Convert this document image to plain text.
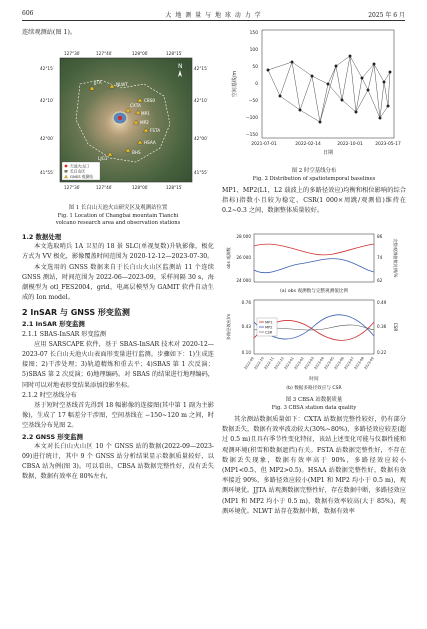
606	大 地 测 量 与 地 球 动 力 学	2025 年 6 月

连续观测站(图 1)。

JJTA	NLWT
CBS0
CXTA
MP1
MP2
FSTA
HSAA
BHS
LJG1
N
127°30′	127°40′	128°00′	128°15′
127°30′	127°40′	128°00′	128°15′
42°15′
42°10′
42°00′
41°55′
42°15′
42°10′
42°00′
41°55′
天池火山口
长白山区
GNSS 观测站

图 1 长白山天池火山研究区及观测站位置

Fig. 1 Location of Changbai mountain Tianchi

volcano research area and observation stations

1.2 数据处理

本文选取哨兵 1A 卫星的 18 景 SLC(单视复数)升轨影像，极化方式为 VV 极化，影像覆盖时间范围为 2020-12-12—2023-07-30。

本文选用的 GNSS 数据来自于长白山火山区监测站 11 个连续 GNSS 测站，时间范围为 2022-06—2023-09，采样间隔 30 s，海潮模型为 otl_FES2004，grid，电离层模型为 GAMIT 软件自动生成的 Ion model。

2 InSAR 与 GNSS 形变监测

2.1 InSAR 形变监测

2.1.1 SBAS-InSAR 形变监测

应用 SARSCAPE 软件，基于 SBAS-InSAR 技术对 2020-12—2023-07 长白山天池火山表面形变量进行监测。步骤如下：1)生成连接图；2)干涉处理；3)轨道精炼和重去平；4)SBAS 第 1 次反演；5)SBAS 第 2 次反演；6)地理编码。对 SBAS 的结果进行地理编码，同时可以对地表形变结果添加投影坐标。

2.1.2 时空基线分布

基于短时空基线首先得到 18 幅影像的连接图(其中第 1 副为主影像)，生成了 17 幅差分干涉图，空间基线在 −150~120 m 之间，时空基线分布见图 2。

2.2 GNSS 形变监测

本文对长白山火山区 10 个 GNSS 站的数据(2022-09—2023-09)进行统计，其中 9 个 GNSS 站分析结果显示数据质量较好，以 CBSA 站为例(图 3)。可以看出，CBSA 站数据完整性好，没有丢失数据，数据有效率在 80%左右，

150
100
50
0
−50
−100
−150
2021-07-01	2022-02-14	2022-10-01	2023-05-17
日期
空间基线/m

图 2 时空基线分布

Fig. 2 Distribution of spatiotemporal baselines

MP1、MP2(L1，L2 载波上的多路径效应)均衡和相位影响的综合指标)指数小且较为稳定，CSR(1 000×周跳/观测值)维持在 0.2~0.3 之间，数据整体质量较好。

28 000
26 000
24 000
86
74
62
obs 观测数	完整观测值数比例/%
(a) obs 观测数与完整观测值比例
MP1
MP2
CSR
0.76
0.43
0.10
0.49
0.36
0.22
多路径效应/m	CSR
2022-09
2022-10
2022-11
2022-12
2023-01
2023-02
2023-03
2023-04
2023-05
2023-06
2023-07
2023-08
2023-09
时间
(b) 数据多路径效应与 CSR

图 3 CBSA 站数据质量

Fig. 3 CBSA station data quality

其余测站数据质量如下：CXTA 站数据完整性较好，仍有部分数据丢失，数据有效率波动较大(30%~80%)，多路径效应较差(超过 0.5 m)且具有季节性变化特征，该站上述变化可能与仪器性能和观测环境(积雪和数据遮挡)有关。FSTA 站数据完整性好，不存在数据丢失现象，数据有效率高于 90%，多路径效应较小(MP1<0.5，但 MP2>0.5)。HSAA 站数据完整性好，数据有效率接近 90%，多路径效应较小(MP1 和 MP2 均小于 0.5 m)，观测环境优。JJTA 站观测数据完整性好，存在数据中断，多路径效应(MP1 和 MP2 均小于 0.5 m)，数据有效率较高(大于 85%)，观测环境优。NLWT 站存在数据中断，数据有效率
